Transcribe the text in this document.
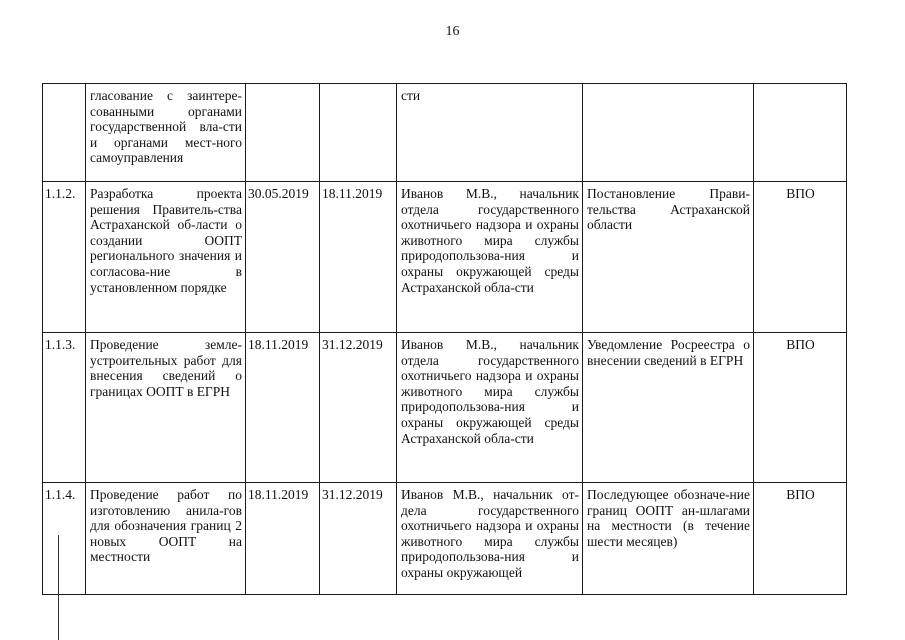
16
	гласование с заинтере-сованными органами государственной вла-сти и органами мест-ного самоуправления			сти		
1.1.2.	Разработка проекта решения Правитель-ства Астраханской об-ласти о создании ООПТ регионального значения и согласова-ние в установленном порядке	30.05.2019	18.11.2019	Иванов М.В., начальник отдела государственного охотничьего надзора и охраны животного мира службы природопользова-ния и охраны окружающей среды Астраханской обла-сти	Постановление Прави-тельства Астраханской области	ВПО
1.1.3.	Проведение земле-устроительных работ для внесения сведений о границах ООПТ в ЕГРН	18.11.2019	31.12.2019	Иванов М.В., начальник отдела государственного охотничьего надзора и охраны животного мира службы природопользова-ния и охраны окружающей среды Астраханской обла-сти	Уведомление Росреестра о внесении сведений в ЕГРН	ВПО
1.1.4.	Проведение работ по изготовлению анила-гов для обозначения границ 2 новых ООПТ на местности	18.11.2019	31.12.2019	Иванов М.В., начальник от-дела государственного охотничьего надзора и охраны животного мира службы природопользова-ния и охраны окружающей	Последующее обозначе-ние границ ООПТ ан-шлагами на местности (в течение шести месяцев)	ВПО
